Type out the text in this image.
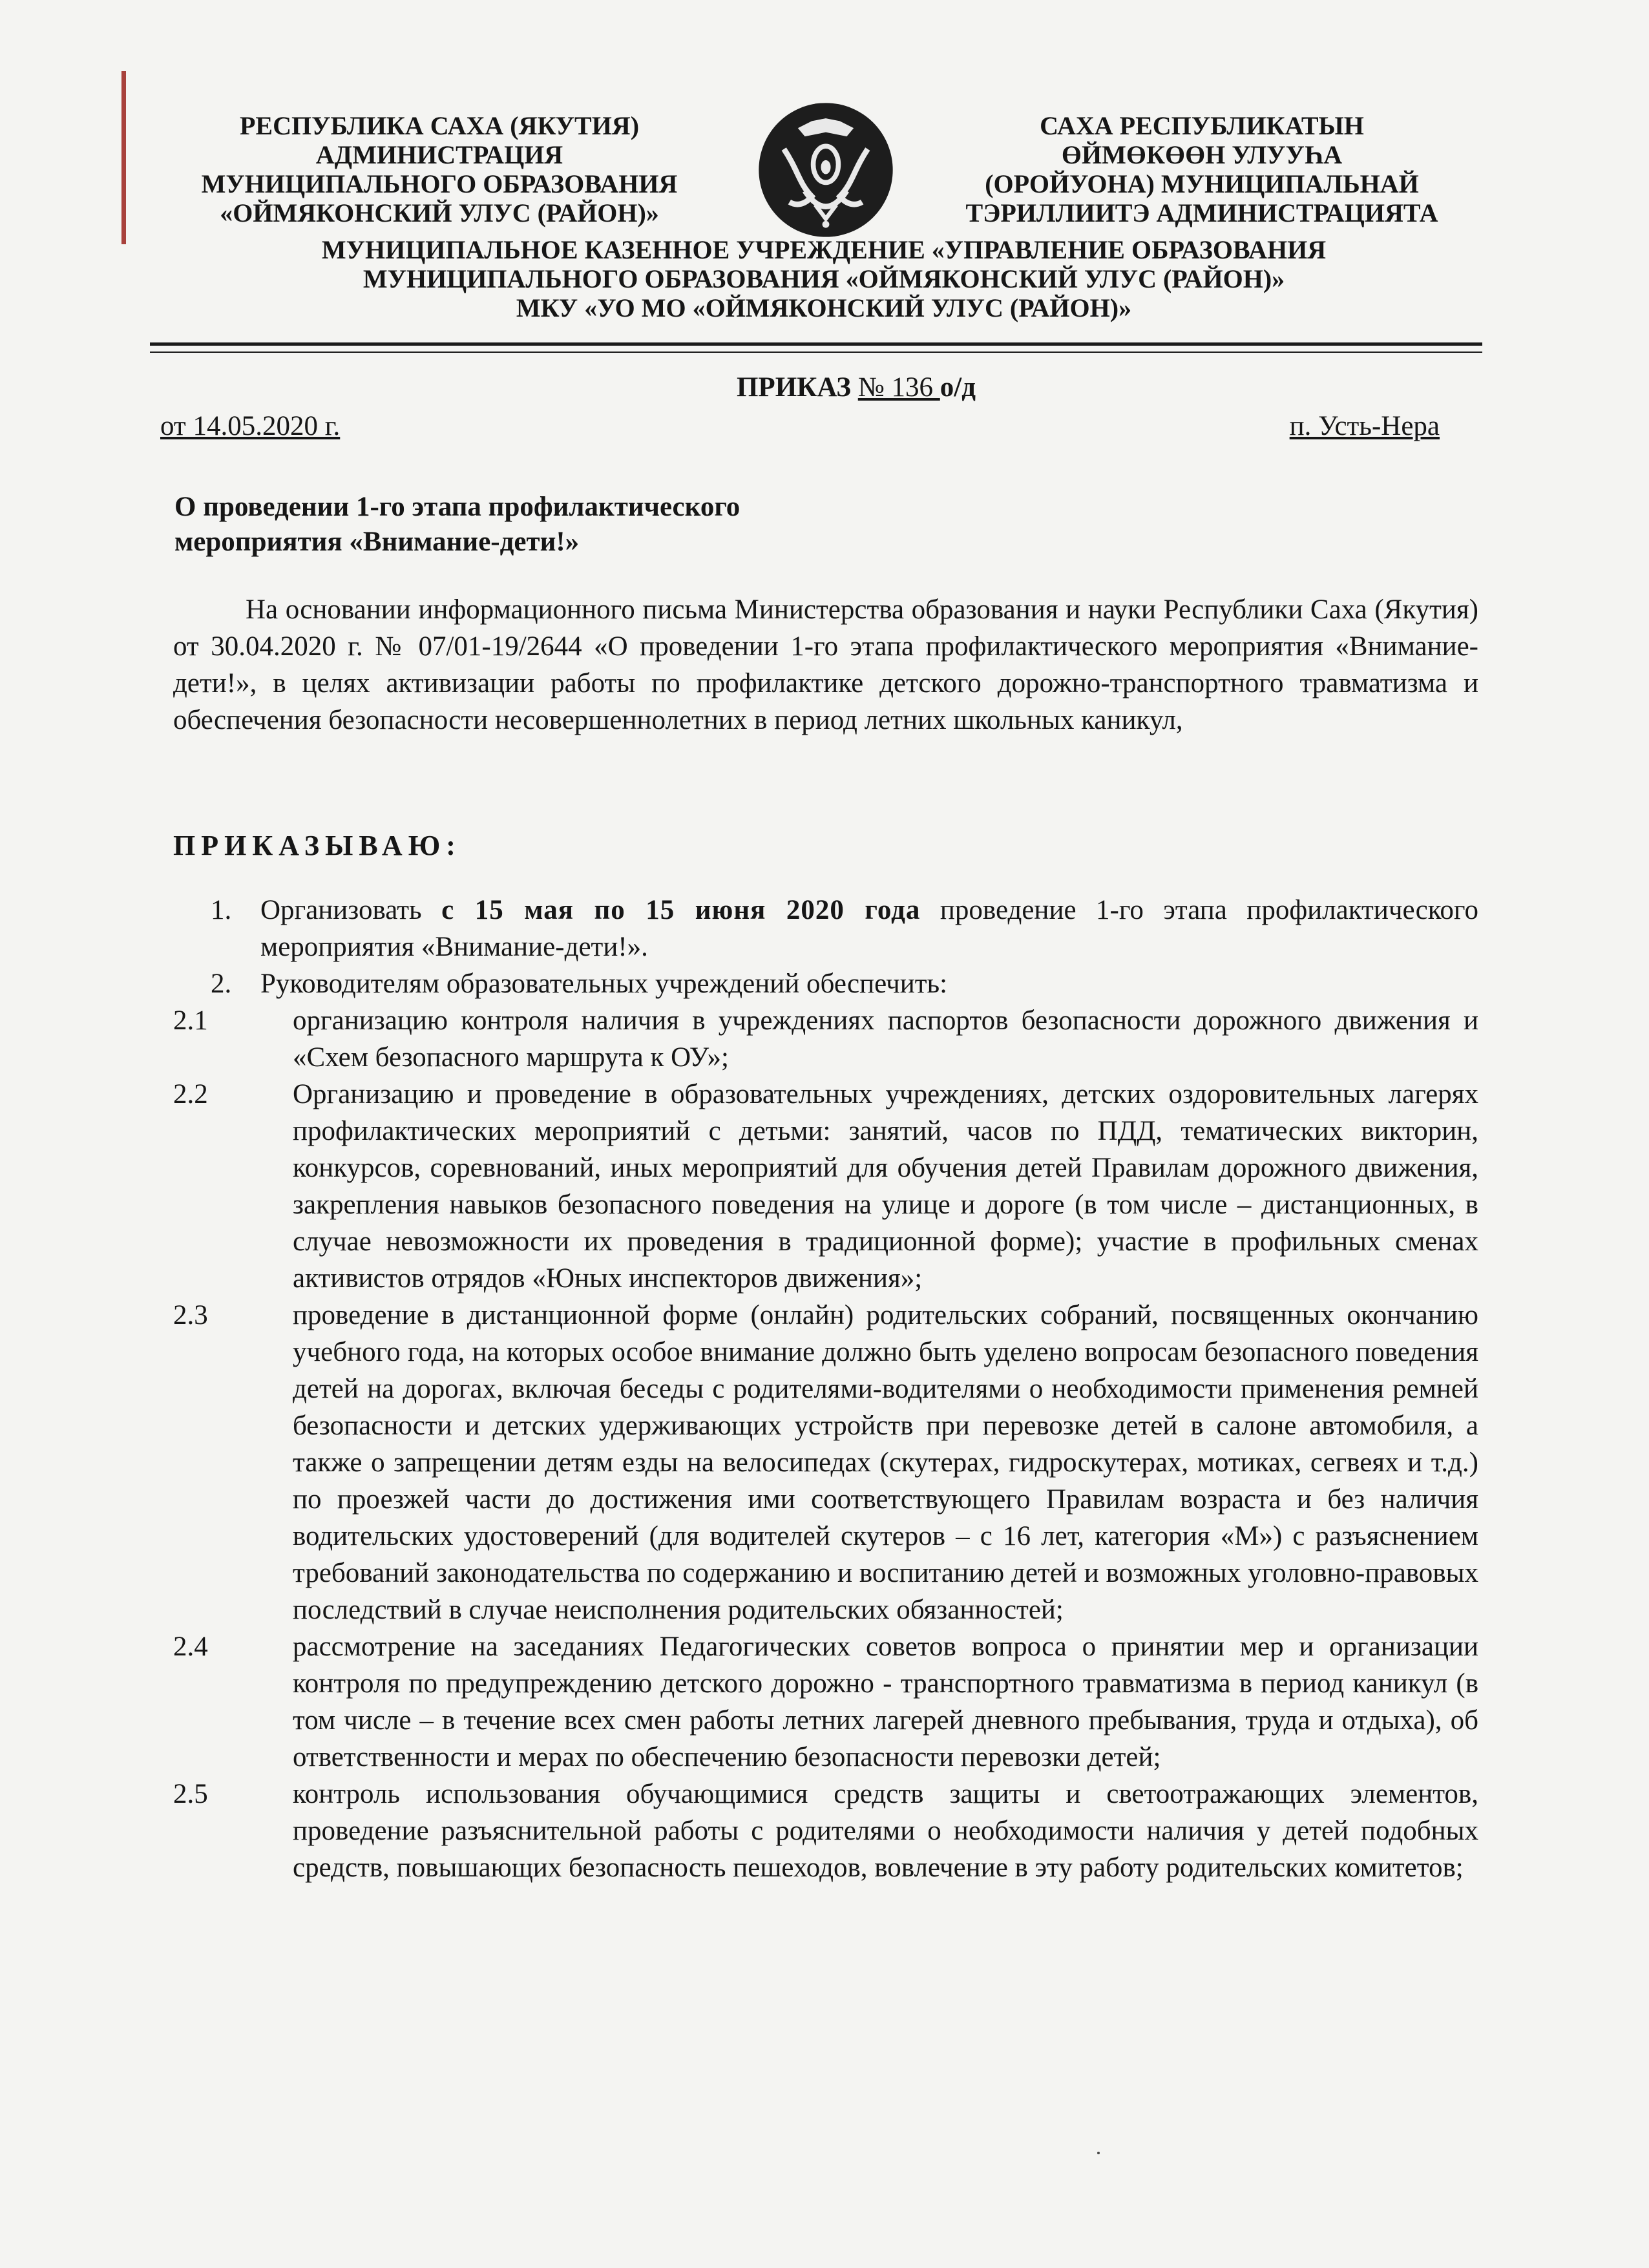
РЕСПУБЛИКА САХА (ЯКУТИЯ)
АДМИНИСТРАЦИЯ
МУНИЦИПАЛЬНОГО ОБРАЗОВАНИЯ
«ОЙМЯКОНСКИЙ УЛУС (РАЙОН)»
САХА РЕСПУБЛИКАТЫН
ӨЙМӨКӨӨН УЛУУҺА
(ОРОЙУОНА) МУНИЦИПАЛЬНАЙ
ТЭРИЛЛИИТЭ АДМИНИСТРАЦИЯТА
МУНИЦИПАЛЬНОЕ КАЗЕННОЕ УЧРЕЖДЕНИЕ «УПРАВЛЕНИЕ ОБРАЗОВАНИЯ
МУНИЦИПАЛЬНОГО ОБРАЗОВАНИЯ «ОЙМЯКОНСКИЙ УЛУС (РАЙОН)»
МКУ «УО МО «ОЙМЯКОНСКИЙ УЛУС (РАЙОН)»
ПРИКАЗ № 136 о/д
от 14.05.2020 г.	п. Усть-Нера
О проведении 1-го этапа профилактического
мероприятия «Внимание-дети!»
На основании информационного письма Министерства образования и науки Республики Саха (Якутия) от 30.04.2020 г. № 07/01-19/2644 «О проведении 1-го этапа профилактического мероприятия «Внимание-дети!», в целях активизации работы по профилактике детского дорожно-транспортного травматизма и обеспечения безопасности несовершеннолетних в период летних школьных каникул,
ПРИКАЗЫВАЮ:
1. Организовать с 15 мая по 15 июня 2020 года проведение 1-го этапа профилактического мероприятия «Внимание-дети!».
2. Руководителям образовательных учреждений обеспечить:
2.1	организацию контроля наличия в учреждениях паспортов безопасности дорожного движения и «Схем безопасного маршрута к ОУ»;
2.2	Организацию и проведение в образовательных учреждениях, детских оздоровительных лагерях профилактических мероприятий с детьми: занятий, часов по ПДД, тематических викторин, конкурсов, соревнований, иных мероприятий для обучения детей Правилам дорожного движения, закрепления навыков безопасного поведения на улице и дороге (в том числе – дистанционных, в случае невозможности их проведения в традиционной форме); участие в профильных сменах активистов отрядов «Юных инспекторов движения»;
2.3	проведение в дистанционной форме (онлайн) родительских собраний, посвященных окончанию учебного года, на которых особое внимание должно быть уделено вопросам безопасного поведения детей на дорогах, включая беседы с родителями-водителями о необходимости применения ремней безопасности и детских удерживающих устройств при перевозке детей в салоне автомобиля, а также о запрещении детям езды на велосипедах (скутерах, гидроскутерах, мотиках, сегвеях и т.д.) по проезжей части до достижения ими соответствующего Правилам возраста и без наличия водительских удостоверений (для водителей скутеров – с 16 лет, категория «М») с разъяснением требований законодательства по содержанию и воспитанию детей и возможных уголовно-правовых последствий в случае неисполнения родительских обязанностей;
2.4	рассмотрение на заседаниях Педагогических советов вопроса о принятии мер и организации контроля по предупреждению детского дорожно - транспортного травматизма в период каникул (в том числе – в течение всех смен работы летних лагерей дневного пребывания, труда и отдыха), об ответственности и мерах по обеспечению безопасности перевозки детей;
2.5	контроль использования обучающимися средств защиты и светоотражающих элементов, проведение разъяснительной работы с родителями о необходимости наличия у детей подобных средств, повышающих безопасность пешеходов, вовлечение в эту работу родительских комитетов;
